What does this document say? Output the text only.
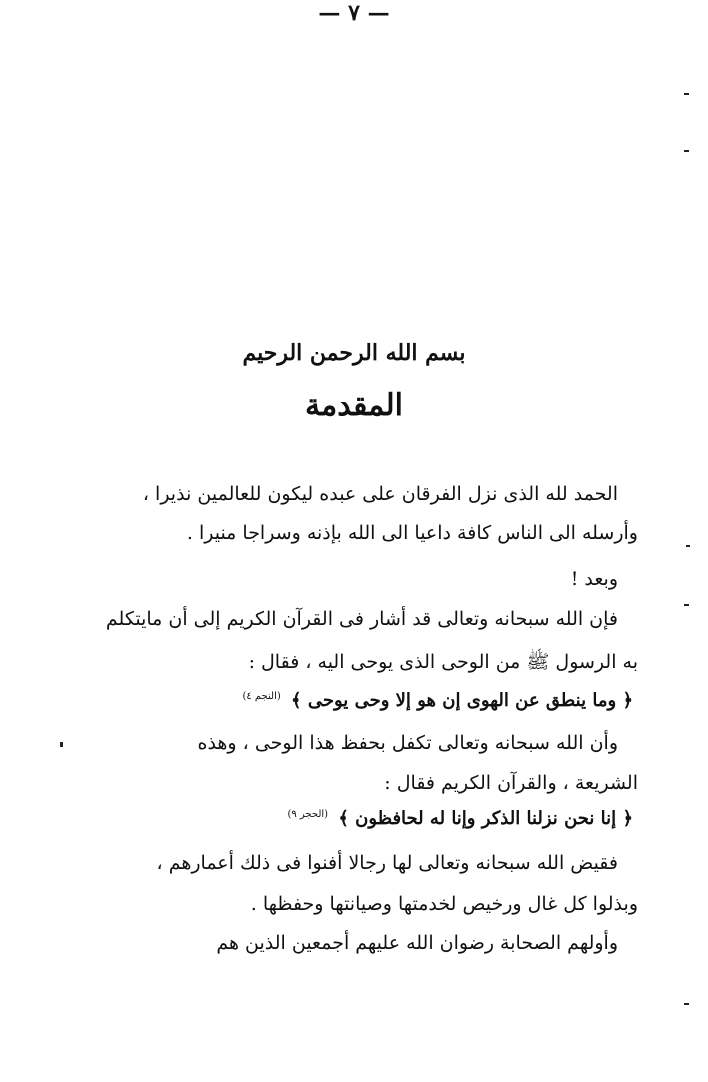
بسم الله الرحمن الرحيم
المقدمة
الحمد لله الذى نزل الفرقان على عبده ليكون للعالمين نذيرا ،
وأرسله الى الناس كافة داعيا الى الله بإذنه وسراجا منيرا .
وبعد !
فإن الله سبحانه وتعالى قد أشار فى القرآن الكريم إلى أن مايتكلم
به الرسول ﷺ من الوحى الذى يوحى اليه ، فقال :
﴿ وما ينطق عن الهوى إن هو إلا وحى يوحى ﴾ $^{(النجم ٤)}$
وأن الله سبحانه وتعالى تكفل بحفظ هذا الوحى ، وهذه
الشريعة ، والقرآن الكريم فقال :
﴿ إنا نحن نزلنا الذكر وإنا له لحافظون ﴾ $^{(الحجر ٩)}$
فقيض الله سبحانه وتعالى لها رجالا أفنوا فى ذلك أعمارهم ،
وبذلوا كل غال ورخيص لخدمتها وصيانتها وحفظها .
وأولهم الصحابة رضوان الله عليهم أجمعين الذين هم
— ٧ —
